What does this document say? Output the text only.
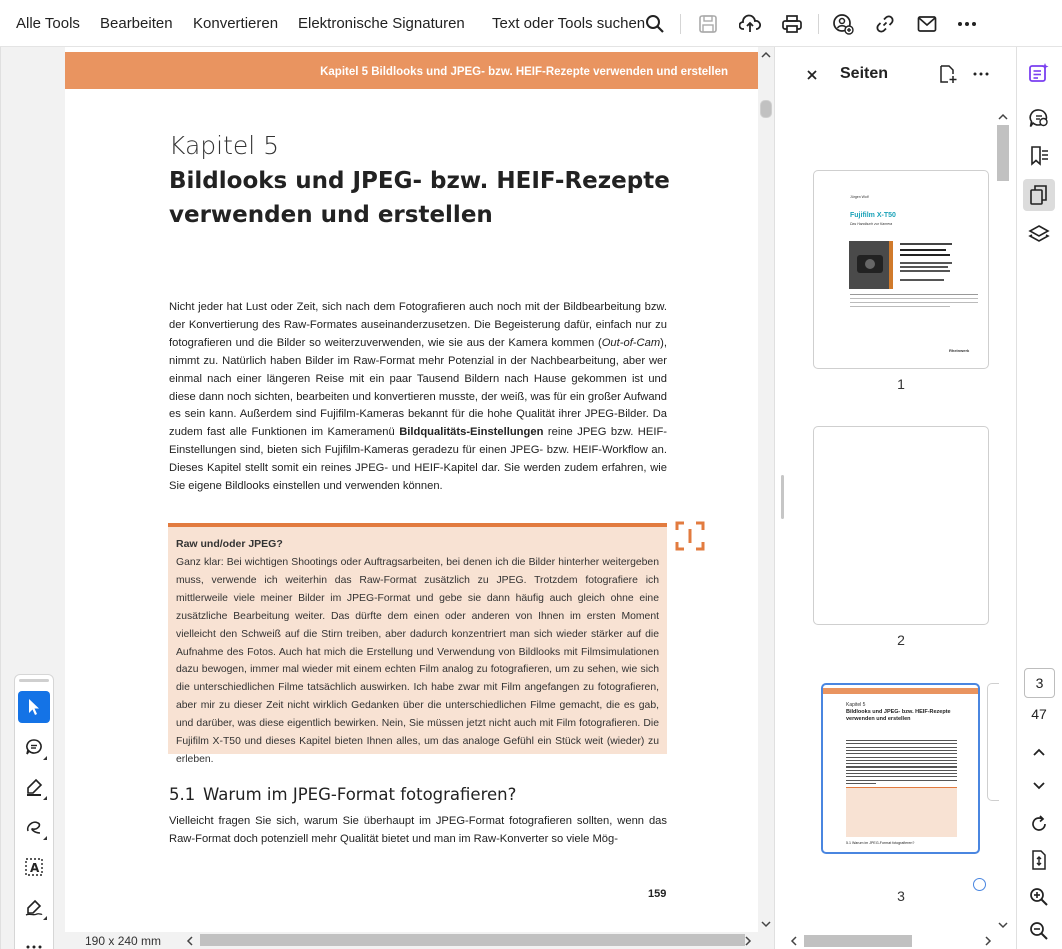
Alle Tools Bearbeiten Konvertieren Elektronische Signaturen Text oder Tools suchen
A
Kapitel 5 Bildlooks und JPEG- bzw. HEIF-Rezepte verwenden und erstellen
Kapitel 5
Bildlooks und JPEG- bzw. HEIF-Rezepte verwenden und erstellen
Nicht jeder hat Lust oder Zeit, sich nach dem Fotografieren auch noch mit der Bildbearbeitung bzw. der Konvertierung des Raw-Formates auseinanderzusetzen. Die Begeisterung dafür, einfach nur zu fotografieren und die Bilder so weiterzuverwenden, wie sie aus der Kamera kommen (Out-of-Cam), nimmt zu. Natürlich haben Bilder im Raw-Format mehr Potenzial in der Nachbearbeitung, aber wer einmal nach einer längeren Reise mit ein paar Tausend Bildern nach Hause gekommen ist und diese dann noch sichten, bearbeiten und konvertieren musste, der weiß, was für ein großer Aufwand es sein kann. Außerdem sind Fujifilm-Kameras bekannt für die hohe Qualität ihrer JPEG-Bilder. Da zudem fast alle Funktionen im Kameramenü Bildqualitäts-Einstellungen reine JPEG bzw. HEIF-Einstellungen sind, bieten sich Fujifilm-Kameras geradezu für einen JPEG- bzw. HEIF-Workflow an. Dieses Kapitel stellt somit ein reines JPEG- und HEIF-Kapitel dar. Sie werden zudem erfahren, wie Sie eigene Bildlooks einstellen und verwenden können.
Raw und/oder JPEG?
Ganz klar: Bei wichtigen Shootings oder Auftragsarbeiten, bei denen ich die Bilder hinterher weitergeben muss, verwende ich weiterhin das Raw-Format zusätzlich zu JPEG. Trotzdem fotografiere ich mittlerweile viele meiner Bilder im JPEG-Format und gebe sie dann häufig auch gleich ohne eine zusätzliche Bearbeitung weiter. Das dürfte dem einen oder anderen von Ihnen im ersten Moment vielleicht den Schweiß auf die Stirn treiben, aber dadurch konzentriert man sich wieder stärker auf die Aufnahme des Fotos. Auch hat mich die Erstellung und Verwendung von Bildlooks mit Filmsimulationen dazu bewogen, immer mal wieder mit einem echten Film analog zu fotografieren, um zu sehen, wie sich die unterschiedlichen Filme tatsächlich auswirken. Ich habe zwar mit Film angefangen zu fotografieren, aber mir zu dieser Zeit nicht wirklich Gedanken über die unterschiedlichen Filme gemacht, die es gab, und darüber, was diese eigentlich bewirken. Nein, Sie müssen jetzt nicht auch mit Film fotografieren. Die Fujifilm X-T50 und dieses Kapitel bieten Ihnen alles, um das analoge Gefühl ein Stück weit (wieder) zu erleben.
5.1 Warum im JPEG-Format fotografieren?
Vielleicht fragen Sie sich, warum Sie überhaupt im JPEG-Format fotografieren sollten, wenn das Raw-Format doch potenziell mehr Qualität bietet und man im Raw-Konverter so viele Mög-
159
190 x 240 mm
Seiten
Jürgen Wolf
Fujifilm X-T50
Das Handbuch zur Kamera
Rheinwerk
1
2
Kapitel 5
Bildlooks und JPEG- bzw. HEIF-Rezepte verwenden und erstellen
5.1 Warum im JPEG-Format fotografieren?
3
3
47
